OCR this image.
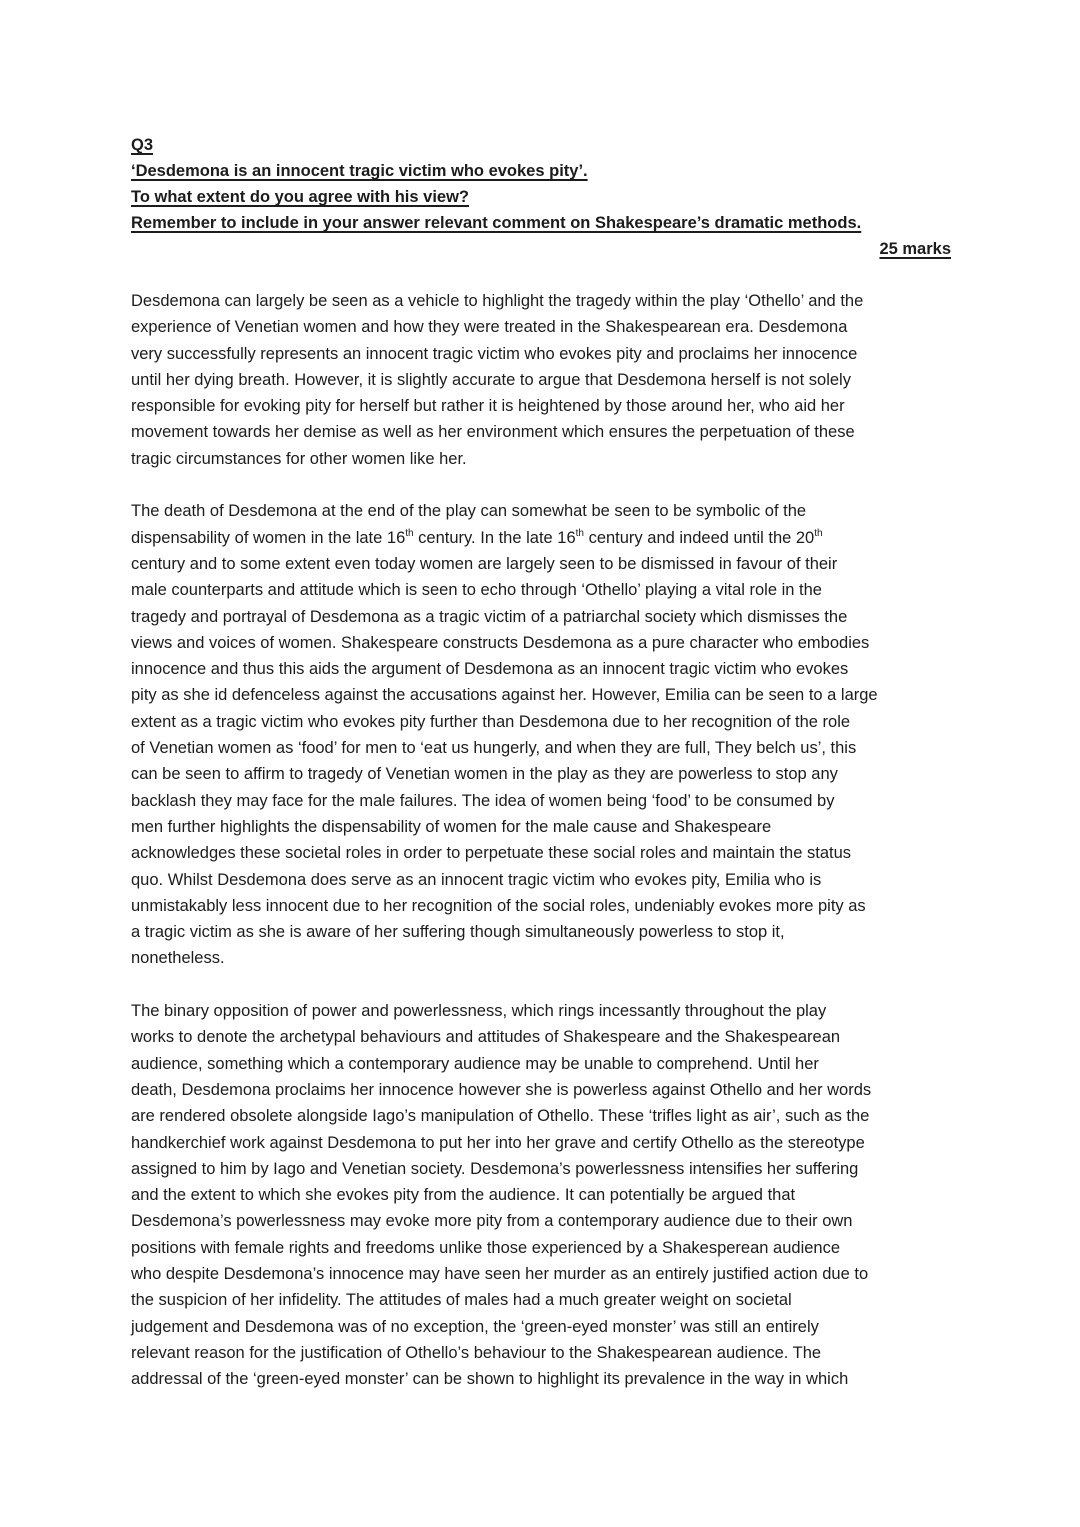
Q3
‘Desdemona is an innocent tragic victim who evokes pity’.
To what extent do you agree with his view?
Remember to include in your answer relevant comment on Shakespeare’s dramatic methods.
25 marks

Desdemona can largely be seen as a vehicle to highlight the tragedy within the play ‘Othello’ and the
experience of Venetian women and how they were treated in the Shakespearean era. Desdemona
very successfully represents an innocent tragic victim who evokes pity and proclaims her innocence
until her dying breath. However, it is slightly accurate to argue that Desdemona herself is not solely
responsible for evoking pity for herself but rather it is heightened by those around her, who aid her
movement towards her demise as well as her environment which ensures the perpetuation of these
tragic circumstances for other women like her.

The death of Desdemona at the end of the play can somewhat be seen to be symbolic of the
dispensability of women in the late 16th century. In the late 16th century and indeed until the 20th
century and to some extent even today women are largely seen to be dismissed in favour of their
male counterparts and attitude which is seen to echo through ‘Othello’ playing a vital role in the
tragedy and portrayal of Desdemona as a tragic victim of a patriarchal society which dismisses the
views and voices of women. Shakespeare constructs Desdemona as a pure character who embodies
innocence and thus this aids the argument of Desdemona as an innocent tragic victim who evokes
pity as she id defenceless against the accusations against her. However, Emilia can be seen to a large
extent as a tragic victim who evokes pity further than Desdemona due to her recognition of the role
of Venetian women as ‘food’ for men to ‘eat us hungerly, and when they are full, They belch us’, this
can be seen to affirm to tragedy of Venetian women in the play as they are powerless to stop any
backlash they may face for the male failures. The idea of women being ‘food’ to be consumed by
men further highlights the dispensability of women for the male cause and Shakespeare
acknowledges these societal roles in order to perpetuate these social roles and maintain the status
quo. Whilst Desdemona does serve as an innocent tragic victim who evokes pity, Emilia who is
unmistakably less innocent due to her recognition of the social roles, undeniably evokes more pity as
a tragic victim as she is aware of her suffering though simultaneously powerless to stop it,
nonetheless.

The binary opposition of power and powerlessness, which rings incessantly throughout the play
works to denote the archetypal behaviours and attitudes of Shakespeare and the Shakespearean
audience, something which a contemporary audience may be unable to comprehend. Until her
death, Desdemona proclaims her innocence however she is powerless against Othello and her words
are rendered obsolete alongside Iago’s manipulation of Othello. These ‘trifles light as air’, such as the
handkerchief work against Desdemona to put her into her grave and certify Othello as the stereotype
assigned to him by Iago and Venetian society. Desdemona’s powerlessness intensifies her suffering
and the extent to which she evokes pity from the audience. It can potentially be argued that
Desdemona’s powerlessness may evoke more pity from a contemporary audience due to their own
positions with female rights and freedoms unlike those experienced by a Shakesperean audience
who despite Desdemona’s innocence may have seen her murder as an entirely justified action due to
the suspicion of her infidelity. The attitudes of males had a much greater weight on societal
judgement and Desdemona was of no exception, the ‘green-eyed monster’ was still an entirely
relevant reason for the justification of Othello’s behaviour to the Shakespearean audience. The
addressal of the ‘green-eyed monster’ can be shown to highlight its prevalence in the way in which
